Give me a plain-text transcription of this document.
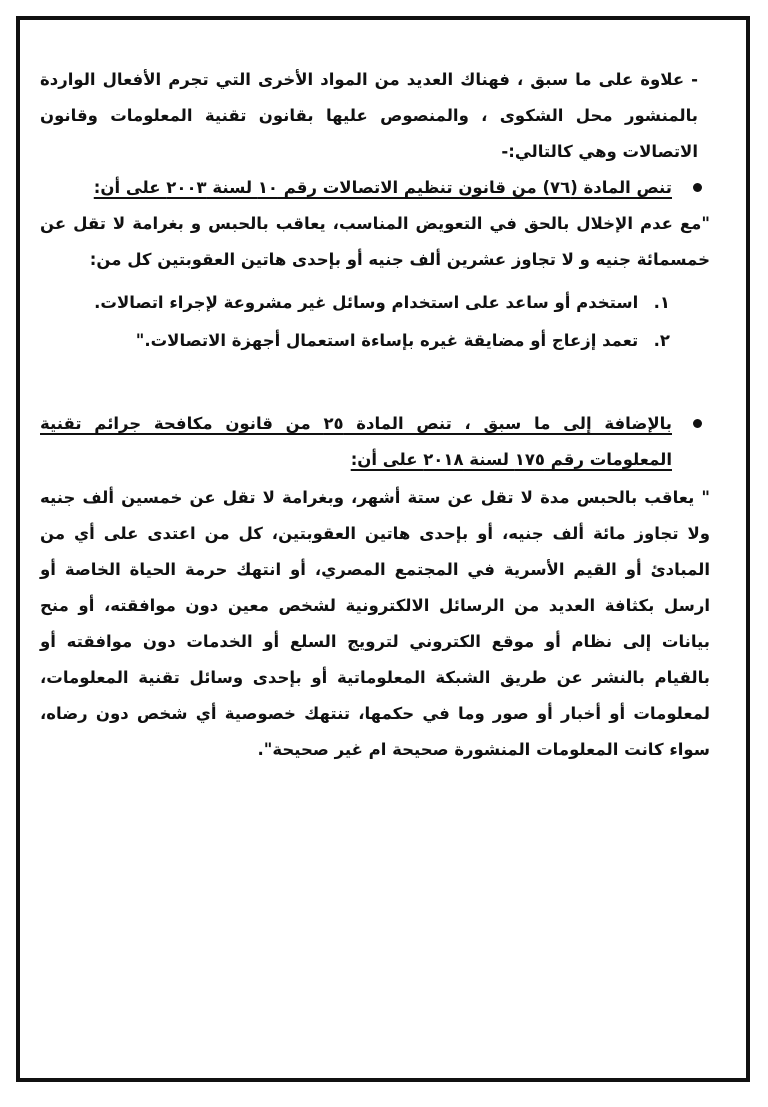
- علاوة على ما سبق ، فهناك العديد من المواد الأخرى التي تجرم الأفعال الواردة بالمنشور محل الشكوى ، والمنصوص عليها بقانون تقنية المعلومات وقانون الاتصالات وهي كالتالي:-

تنص المادة (٧٦) من قانون تنظيم الاتصالات رقم ١٠ لسنة ٢٠٠٣ على أن:

"مع عدم الإخلال بالحق في التعويض المناسب، يعاقب بالحبس و بغرامة لا تقل عن خمسمائة جنيه و لا تجاوز عشرين ألف جنيه أو بإحدى هاتين العقوبتين كل من:

١. استخدم أو ساعد على استخدام وسائل غير مشروعة لإجراء اتصالات.
٢. تعمد إزعاج أو مضايقة غيره بإساءة استعمال أجهزة الاتصالات."

بالإضافة إلى ما سبق ، تنص المادة ٢٥ من قانون مكافحة جرائم تقنية المعلومات رقم ١٧٥ لسنة ٢٠١٨ على أن:

" يعاقب بالحبس مدة لا تقل عن ستة أشهر، وبغرامة لا تقل عن خمسين ألف جنيه ولا تجاوز مائة ألف جنيه، أو بإحدى هاتين العقوبتين، كل من اعتدى على أي من المبادئ أو القيم الأسرية في المجتمع المصري، أو انتهك حرمة الحياة الخاصة أو ارسل بكثافة العديد من الرسائل الالكترونية لشخص معين دون موافقته، أو منح بيانات إلى نظام أو موقع الكتروني لترويج السلع أو الخدمات دون موافقته أو بالقيام بالنشر عن طريق الشبكة المعلوماتية أو بإحدى وسائل تقنية المعلومات، لمعلومات أو أخبار أو صور وما في حكمها، تنتهك خصوصية أي شخص دون رضاه، سواء كانت المعلومات المنشورة صحيحة ام غير صحيحة".
